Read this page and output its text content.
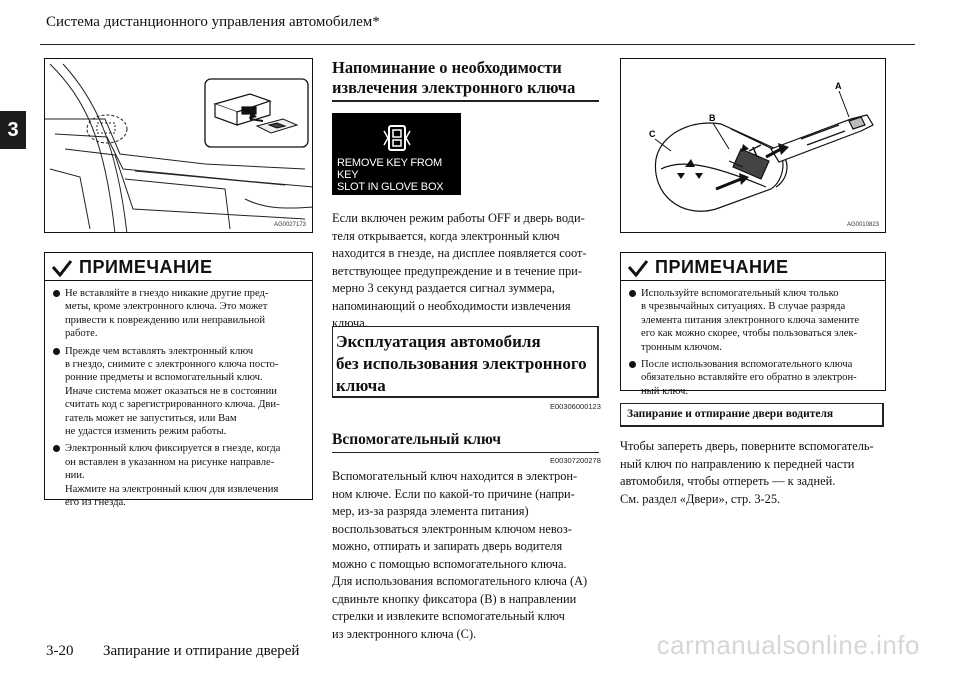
Система дистанционного управления автомобилем*
3
AG0027173
ПРИМЕЧАНИЕ
Не вставляйте в гнездо никакие другие пред-
меты, кроме электронного ключа. Это может
привести к повреждению или неправильной
работе.
Прежде чем вставлять электронный ключ
в гнездо, снимите с электронного ключа посто-
ронние предметы и вспомогательный ключ.
Иначе система может оказаться не в состоянии
считать код с зарегистрированного ключа. Дви-
гатель может не запуститься, или Вам
не удастся изменить режим работы.
Электронный ключ фиксируется в гнезде, когда
он вставлен в указанном на рисунке направле-
нии.
Нажмите на электронный ключ для извлечения
его из гнезда.
Напоминание о необходимости
извлечения электронного ключа
REMOVE KEY FROM KEY
SLOT IN GLOVE BOX
Если включен режим работы OFF и дверь води-
теля открывается, когда электронный ключ
находится в гнезде, на дисплее появляется соот-
ветствующее предупреждение и в течение при-
мерно 3 секунд раздается сигнал зуммера,
напоминающий о необходимости извлечения
ключа.
Эксплуатация автомобиля
без использования электронного
ключа
E00306000123
Вспомогательный ключ
E00307200278
Вспомогательный ключ находится в электрон-
ном ключе. Если по какой-то причине (напри-
мер, из-за разряда элемента питания)
воспользоваться электронным ключом невоз-
можно, отпирать и запирать дверь водителя
можно с помощью вспомогательного ключа.
Для использования вспомогательного ключа (A)
сдвиньте кнопку фиксатора (B) в направлении
стрелки и извлеките вспомогательный ключ
из электронного ключа (C).
A
B
C
AG0010823
ПРИМЕЧАНИЕ
Используйте вспомогательный ключ только
в чрезвычайных ситуациях. В случае разряда
элемента питания электронного ключа замените
его как можно скорее, чтобы пользоваться элек-
тронным ключом.
После использования вспомогательного ключа
обязательно вставляйте его обратно в электрон-
ный ключ.
Запирание и отпирание двери водителя
Чтобы запереть дверь, поверните вспомогатель-
ный ключ по направлению к передней части
автомобиля, чтобы отпереть — к задней.
См. раздел «Двери», стр. 3-25.
3-20 Запирание и отпирание дверей	carmanualsonline.info
